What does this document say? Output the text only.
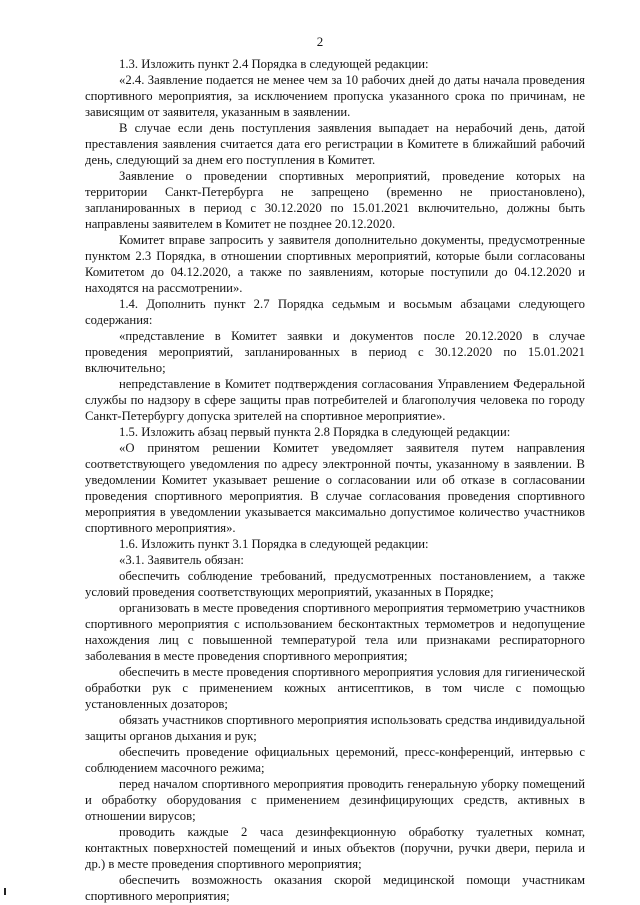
2

1.3. Изложить пункт 2.4 Порядка в следующей редакции:

«2.4. Заявление подается не менее чем за 10 рабочих дней до даты начала проведения спортивного мероприятия, за исключением пропуска указанного срока по причинам, не зависящим от заявителя, указанным в заявлении.

В случае если день поступления заявления выпадает на нерабочий день, датой преставления заявления считается дата его регистрации в Комитете в ближайший рабочий день, следующий за днем его поступления в Комитет.

Заявление о проведении спортивных мероприятий, проведение которых на территории Санкт-Петербурга не запрещено (временно не приостановлено), запланированных в период с 30.12.2020 по 15.01.2021 включительно, должны быть направлены заявителем в Комитет не позднее 20.12.2020.

Комитет вправе запросить у заявителя дополнительно документы, предусмотренные пунктом 2.3 Порядка, в отношении спортивных мероприятий, которые были согласованы Комитетом до 04.12.2020, а также по заявлениям, которые поступили до 04.12.2020 и находятся на рассмотрении».

1.4. Дополнить пункт 2.7 Порядка седьмым и восьмым абзацами следующего содержания:

«представление в Комитет заявки и документов после 20.12.2020 в случае проведения мероприятий, запланированных в период с 30.12.2020 по 15.01.2021 включительно;

непредставление в Комитет подтверждения согласования Управлением Федеральной службы по надзору в сфере защиты прав потребителей и благополучия человека по городу Санкт-Петербургу допуска зрителей на спортивное мероприятие».

1.5. Изложить абзац первый пункта 2.8 Порядка в следующей редакции:

«О принятом решении Комитет уведомляет заявителя путем направления соответствующего уведомления по адресу электронной почты, указанному в заявлении. В уведомлении Комитет указывает решение о согласовании или об отказе в согласовании проведения спортивного мероприятия. В случае согласования проведения спортивного мероприятия в уведомлении указывается максимально допустимое количество участников спортивного мероприятия».

1.6. Изложить пункт 3.1 Порядка в следующей редакции:

«3.1. Заявитель обязан:

обеспечить соблюдение требований, предусмотренных постановлением, а также условий проведения соответствующих мероприятий, указанных в Порядке;

организовать в месте проведения спортивного мероприятия термометрию участников спортивного мероприятия с использованием бесконтактных термометров и недопущение нахождения лиц с повышенной температурой тела или признаками респираторного заболевания в месте проведения спортивного мероприятия;

обеспечить в месте проведения спортивного мероприятия условия для гигиенической обработки рук с применением кожных антисептиков, в том числе с помощью установленных дозаторов;

обязать участников спортивного мероприятия использовать средства индивидуальной защиты органов дыхания и рук;

обеспечить проведение официальных церемоний, пресс-конференций, интервью с соблюдением масочного режима;

перед началом спортивного мероприятия проводить генеральную уборку помещений и обработку оборудования с применением дезинфицирующих средств, активных в отношении вирусов;

проводить каждые 2 часа дезинфекционную обработку туалетных комнат, контактных поверхностей помещений и иных объектов (поручни, ручки двери, перила и др.) в месте проведения спортивного мероприятия;

обеспечить возможность оказания скорой медицинской помощи участникам спортивного мероприятия;
